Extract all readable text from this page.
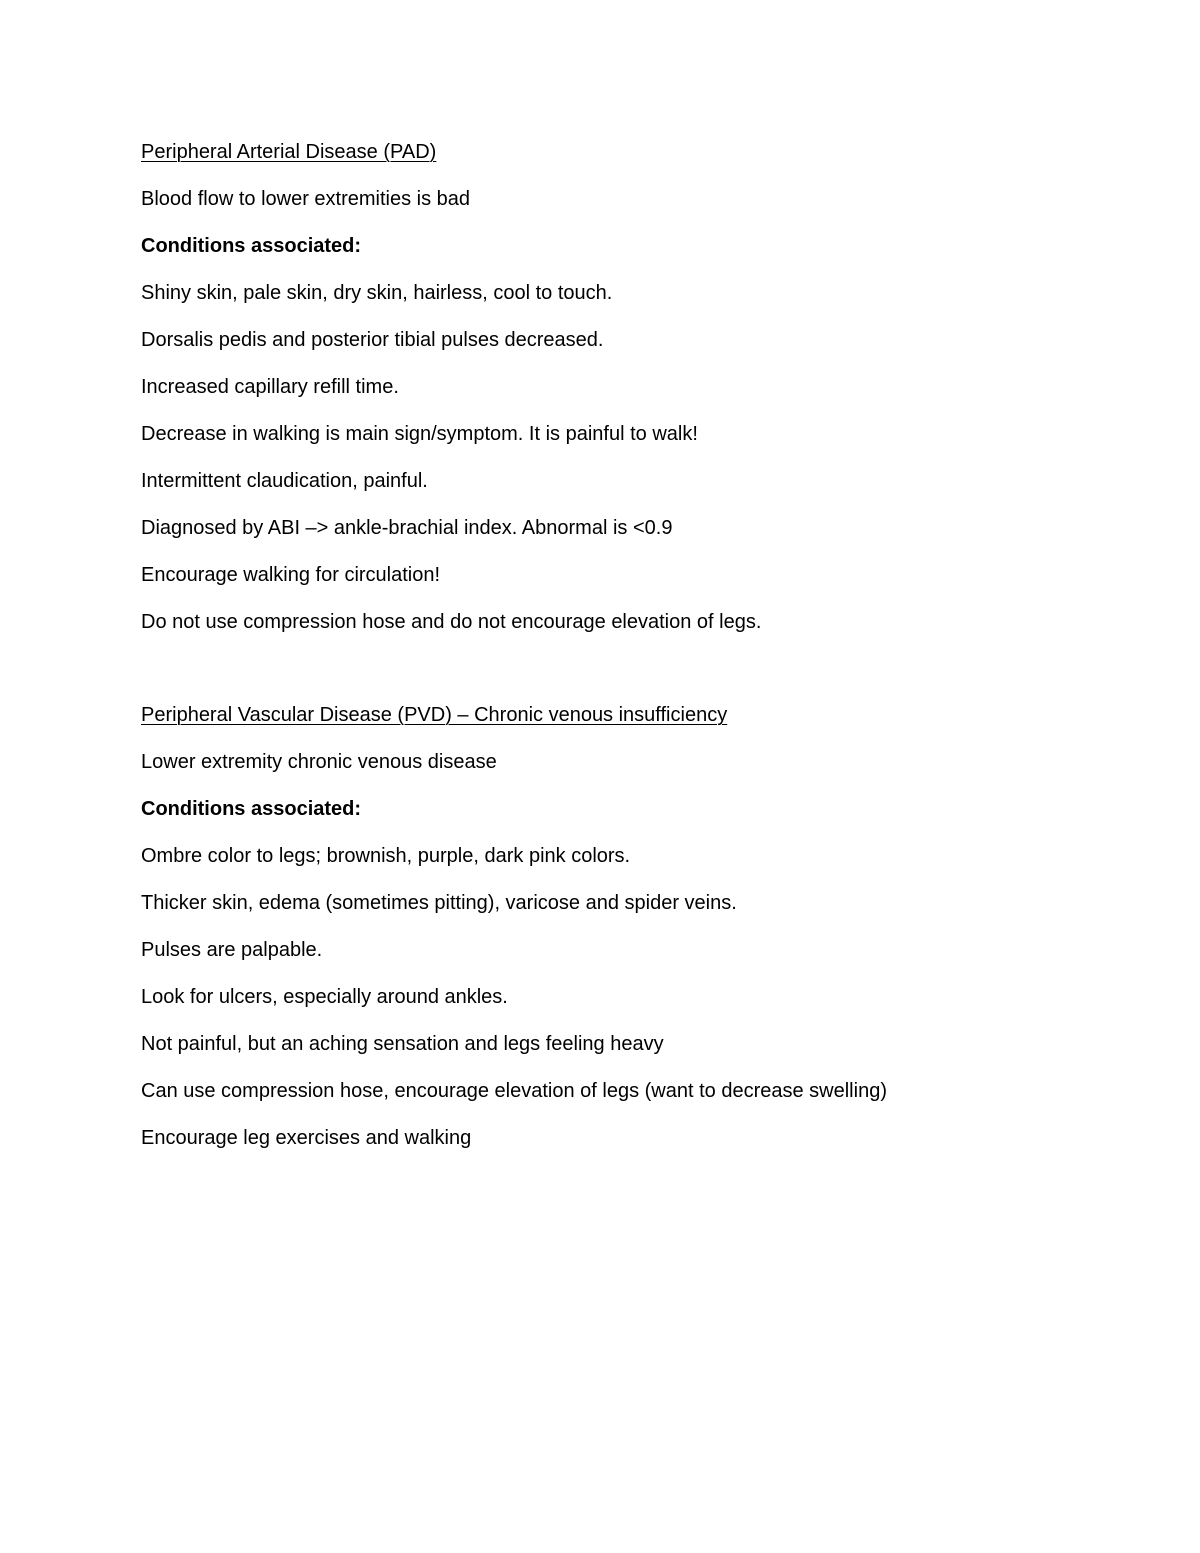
Peripheral Arterial Disease (PAD)
Blood flow to lower extremities is bad
Conditions associated:
Shiny skin, pale skin, dry skin, hairless, cool to touch.
Dorsalis pedis and posterior tibial pulses decreased.
Increased capillary refill time.
Decrease in walking is main sign/symptom. It is painful to walk!
Intermittent claudication, painful.
Diagnosed by ABI –> ankle-brachial index. Abnormal is <0.9
Encourage walking for circulation!
Do not use compression hose and do not encourage elevation of legs.
Peripheral Vascular Disease (PVD) – Chronic venous insufficiency
Lower extremity chronic venous disease
Conditions associated:
Ombre color to legs; brownish, purple, dark pink colors.
Thicker skin, edema (sometimes pitting), varicose and spider veins.
Pulses are palpable.
Look for ulcers, especially around ankles.
Not painful, but an aching sensation and legs feeling heavy
Can use compression hose, encourage elevation of legs (want to decrease swelling)
Encourage leg exercises and walking
